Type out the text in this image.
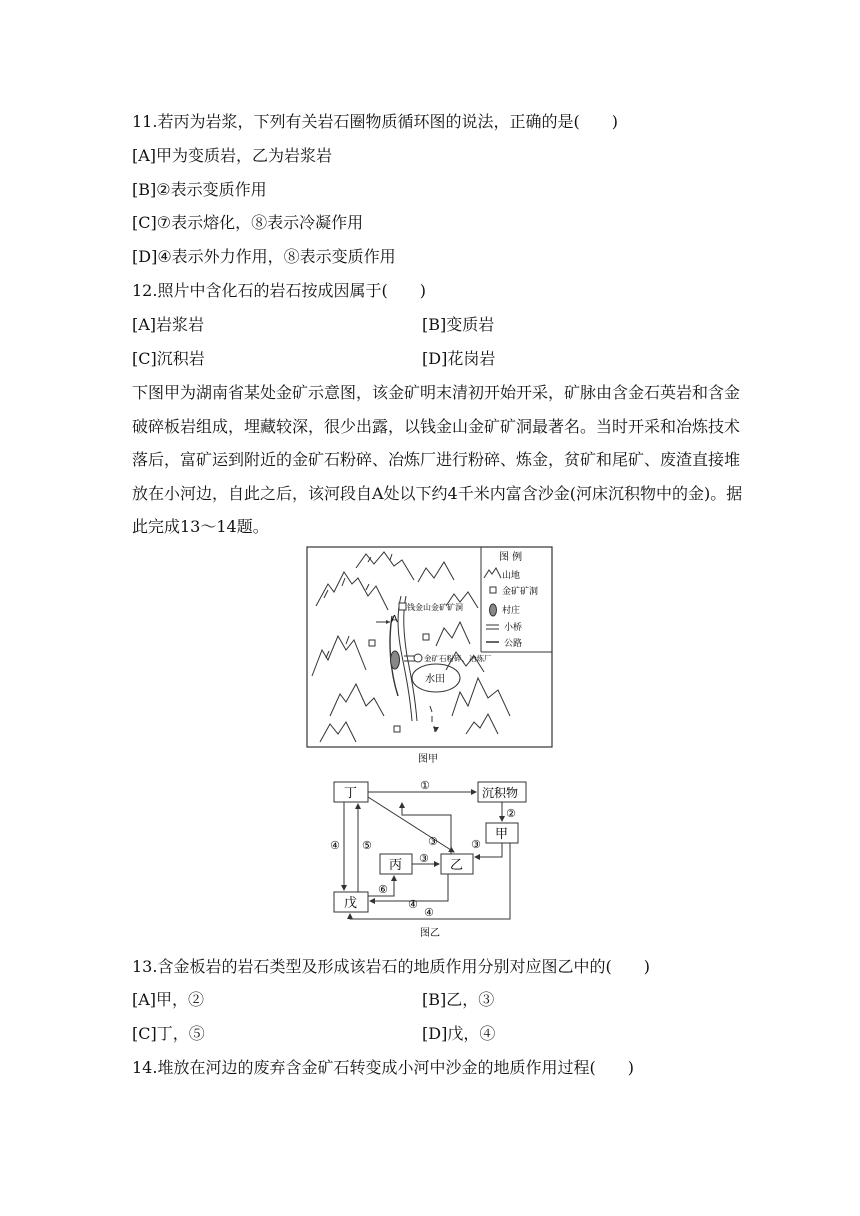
11.若丙为岩浆，下列有关岩石圈物质循环图的说法，正确的是(　　)
[A]甲为变质岩，乙为岩浆岩
[B]②表示变质作用
[C]⑦表示熔化，⑧表示冷凝作用
[D]④表示外力作用，⑧表示变质作用
12.照片中含化石的岩石按成因属于(　　)
[A]岩浆岩	[B]变质岩
[C]沉积岩	[D]花岗岩
下图甲为湖南省某处金矿示意图，该金矿明末清初开始开采，矿脉由含金石英岩和含金破碎板岩组成，埋藏较深，很少出露，以钱金山金矿矿洞最著名。当时开采和冶炼技术落后，富矿运到附近的金矿石粉碎、冶炼厂进行粉碎、炼金，贫矿和尾矿、废渣直接堆放在小河边，自此之后，该河段自A处以下约4千米内富含沙金(河床沉积物中的金)。据此完成13～14题。
图 例
山地
金矿矿洞
村庄
小桥
公路
钱金山金矿矿洞
A
金矿石粉碎、冶炼厂
水田
图甲
丁	沉积物
甲
丙	乙
戊
①
②
③
③
③
④
④
④
⑤
⑥
图乙
13.含金板岩的岩石类型及形成该岩石的地质作用分别对应图乙中的(　　)
[A]甲，②	[B]乙，③
[C]丁，⑤	[D]戊，④
14.堆放在河边的废弃含金矿石转变成小河中沙金的地质作用过程(　　)
